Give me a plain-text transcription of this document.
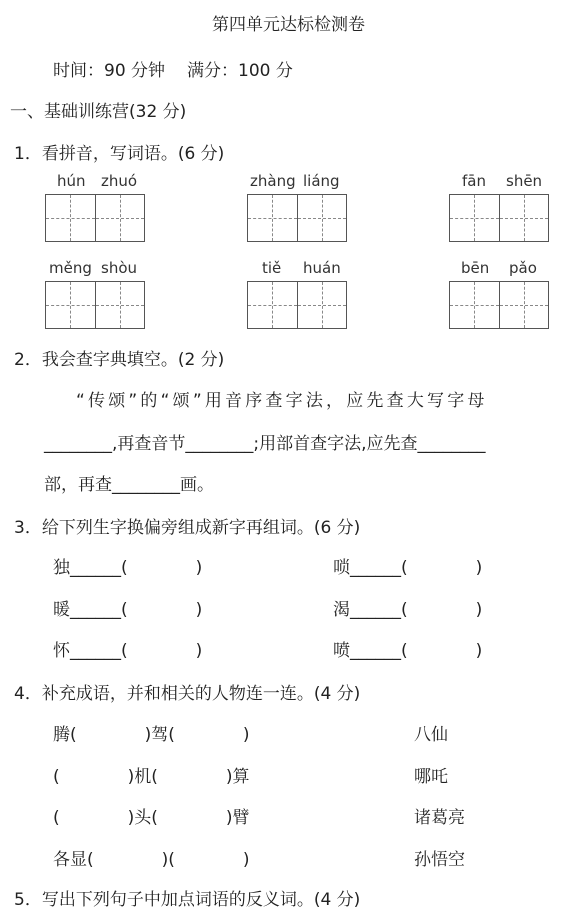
第四单元达标检测卷
时间：90 分钟 满分：100 分
一、基础训练营(32 分)
1．看拼音，写词语。(6 分)
hún zhuó	zhàng liáng	fān shēn
měng shòu	tiě huán	bēn pǎo
2．我会查字典填空。(2 分)
“传颂”的“颂”用音序查字法，应先查大写字母
________,再查音节________;用部首查字法,应先查________
部，再查________画。
3．给下列生字换偏旁组成新字再组词。(6 分)
独______(　　　　)	唢______(　　　　)
暖______(　　　　)	渴______(　　　　)
怀______(　　　　)	喷______(　　　　)
4．补充成语，并和相关的人物连一连。(4 分)
腾(　　　　)驾(　　　　)	八仙
(　　　　)机(　　　　)算	哪吒
(　　　　)头(　　　　)臂	诸葛亮
各显(　　　　)(　　　　)	孙悟空
5．写出下列句子中加点词语的反义词。(4 分)
